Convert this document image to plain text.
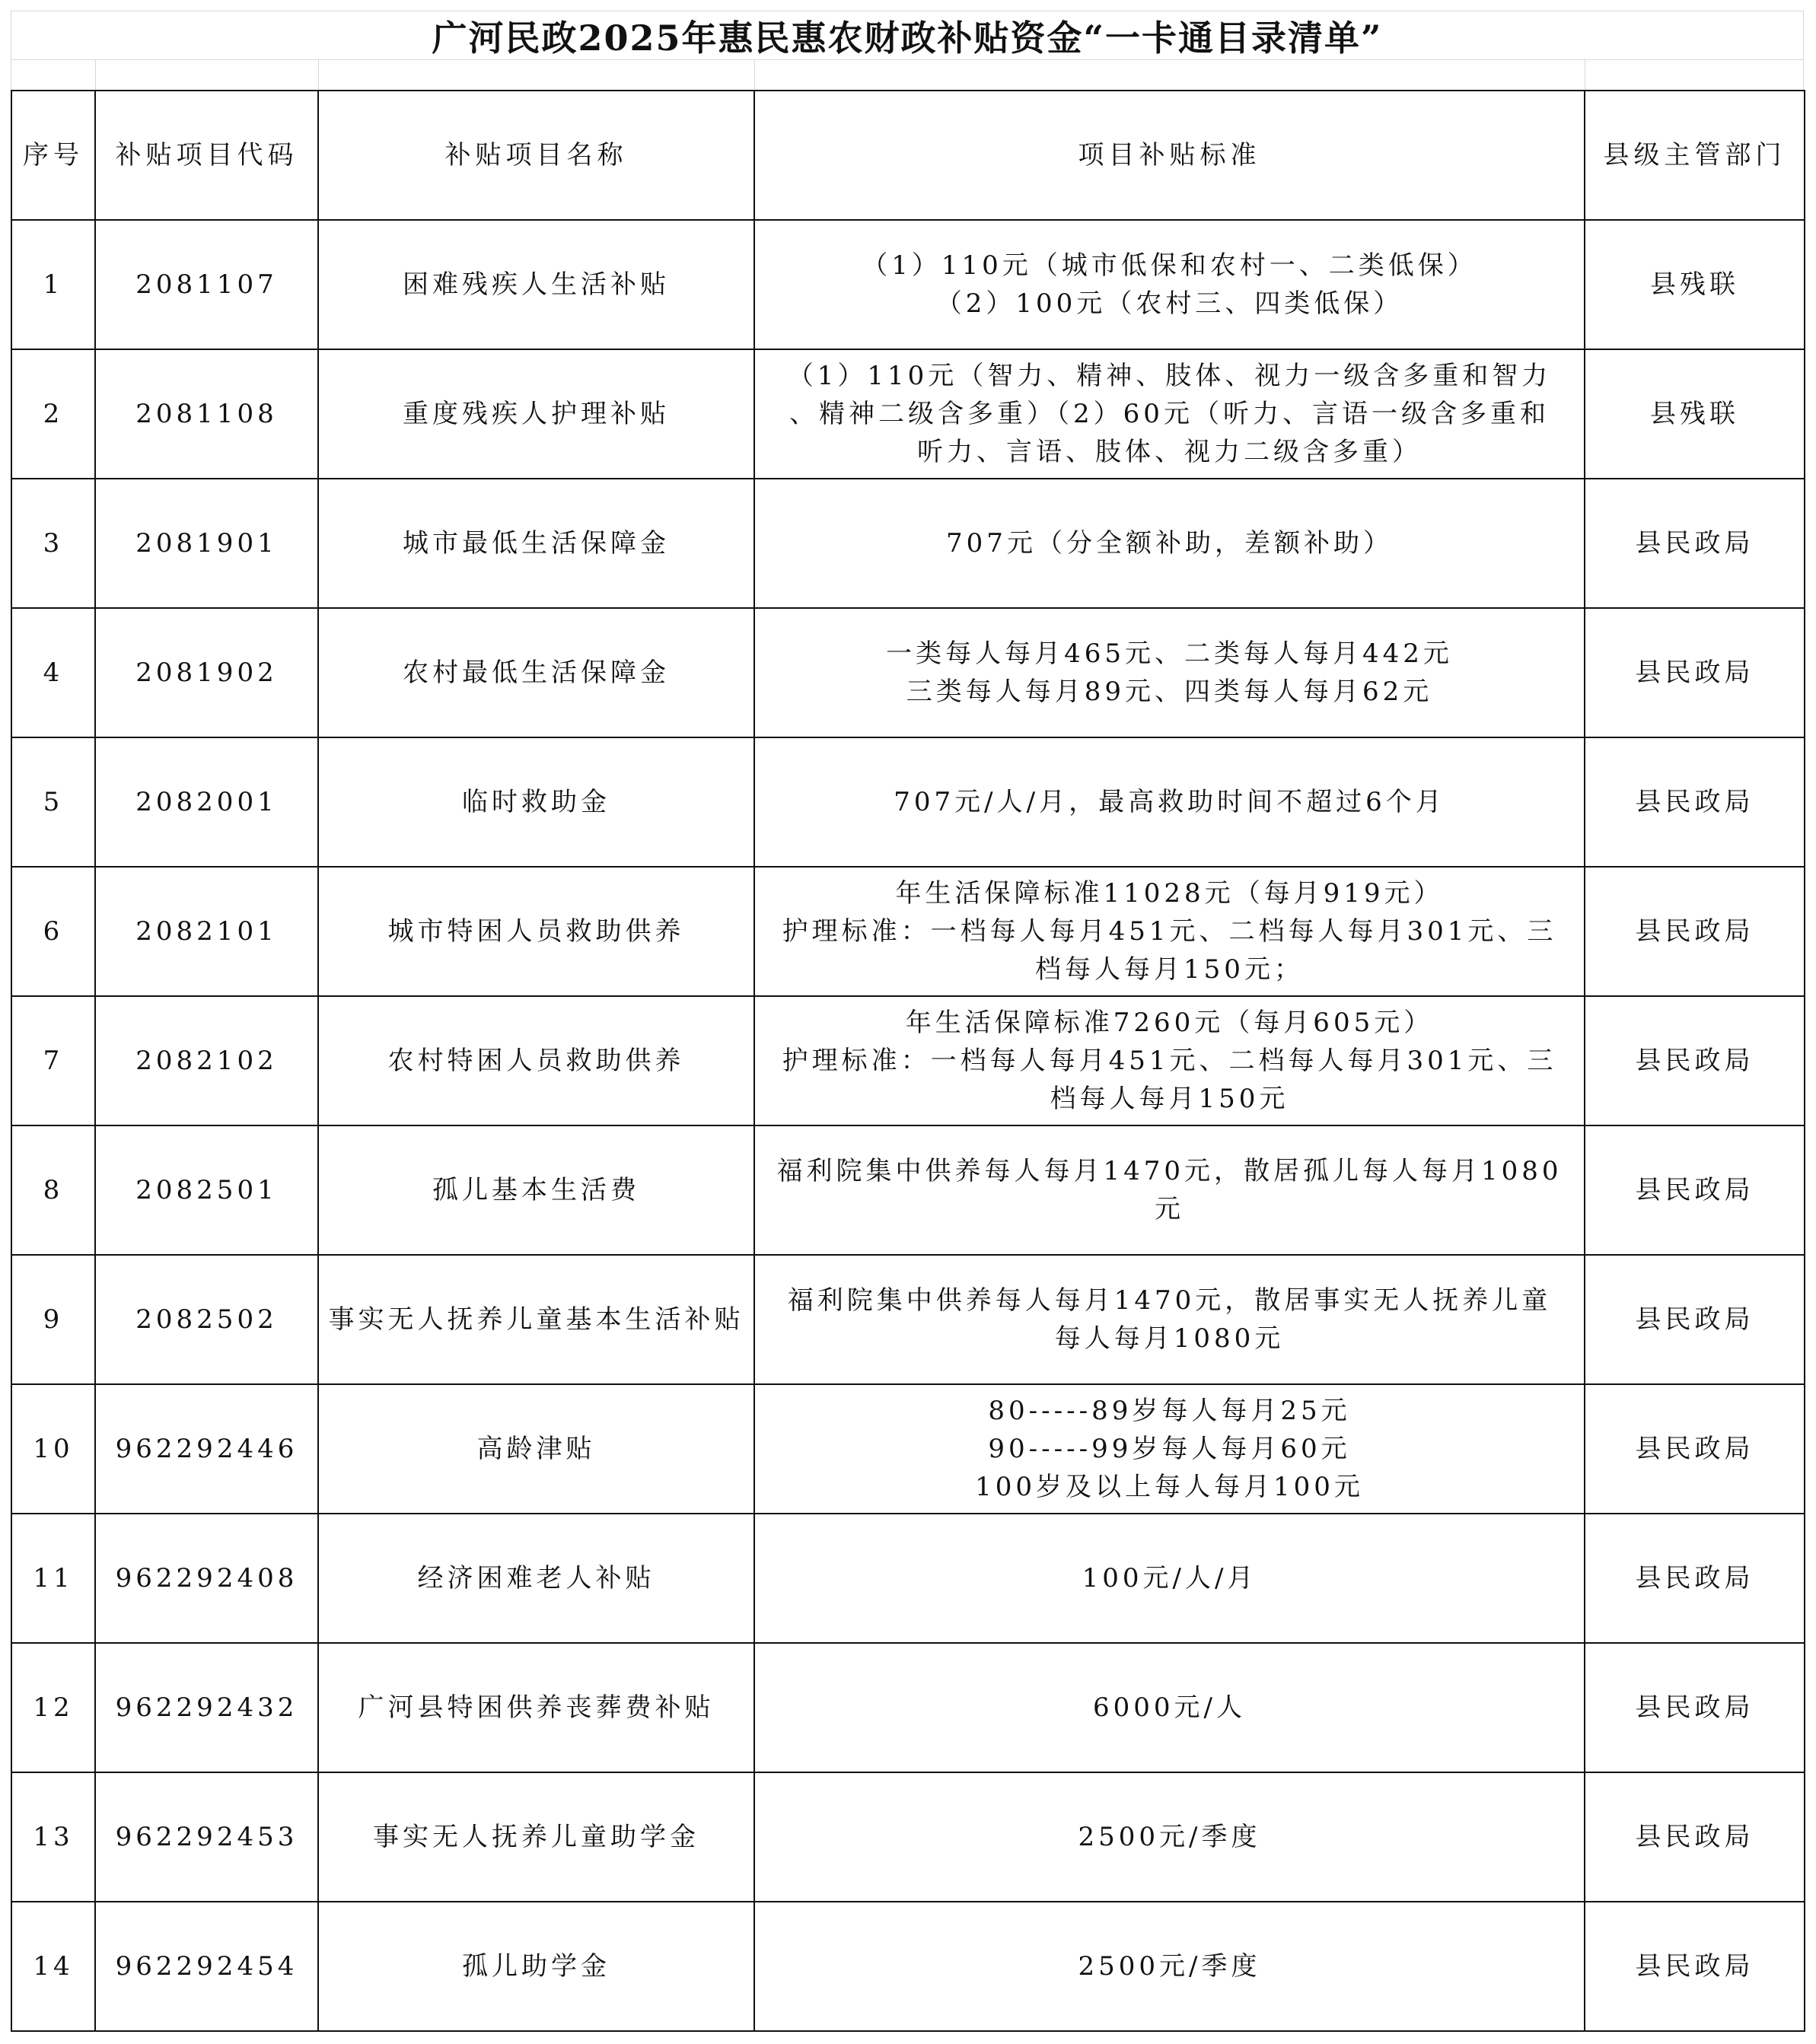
广河民政2025年惠民惠农财政补贴资金“一卡通目录清单”
序号	补贴项目代码	补贴项目名称	项目补贴标准	县级主管部门
1	2081107	困难残疾人生活补贴	（1）110元（城市低保和农村一、二类低保）
（2）100元（农村三、四类低保）	县残联
2	2081108	重度残疾人护理补贴	（1）110元（智力、精神、肢体、视力一级含多重和智力
、精神二级含多重）（2）60元（听力、言语一级含多重和
听力、言语、肢体、视力二级含多重）	县残联
3	2081901	城市最低生活保障金	707元（分全额补助，差额补助）	县民政局
4	2081902	农村最低生活保障金	一类每人每月465元、二类每人每月442元
三类每人每月89元、四类每人每月62元	县民政局
5	2082001	临时救助金	707元/人/月，最高救助时间不超过6个月	县民政局
6	2082101	城市特困人员救助供养	年生活保障标准11028元（每月919元）
护理标准：一档每人每月451元、二档每人每月301元、三
档每人每月150元；	县民政局
7	2082102	农村特困人员救助供养	年生活保障标准7260元（每月605元）
护理标准：一档每人每月451元、二档每人每月301元、三
档每人每月150元	县民政局
8	2082501	孤儿基本生活费	福利院集中供养每人每月1470元，散居孤儿每人每月1080
元	县民政局
9	2082502	事实无人抚养儿童基本生活补贴	福利院集中供养每人每月1470元，散居事实无人抚养儿童
每人每月1080元	县民政局
10	962292446	高龄津贴	80-----89岁每人每月25元
90-----99岁每人每月60元
100岁及以上每人每月100元	县民政局
11	962292408	经济困难老人补贴	100元/人/月	县民政局
12	962292432	广河县特困供养丧葬费补贴	6000元/人	县民政局
13	962292453	事实无人抚养儿童助学金	2500元/季度	县民政局
14	962292454	孤儿助学金	2500元/季度	县民政局
